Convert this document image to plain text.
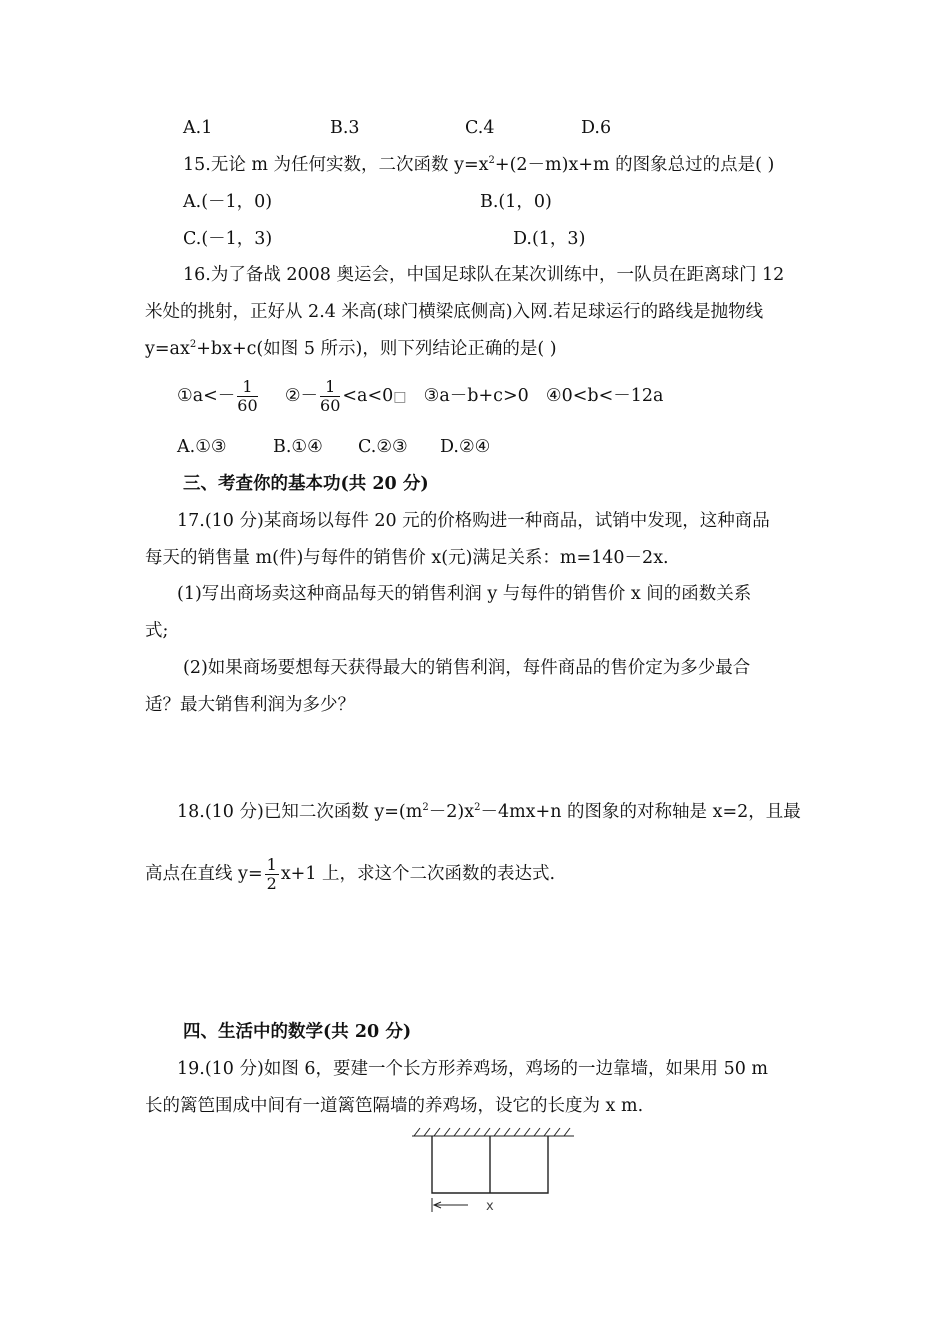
A.1	B.3	C.4	D.6
15.无论 m 为任何实数，二次函数 $y=x^2+(2-m)x+m$ 的图象总过的点是( )
A.(－1，0)	B.(1，0)
C.(－1，3)	D.(1，3)
16.为了备战 2008 奥运会，中国足球队在某次训练中，一队员在距离球门 12
米处的挑射，正好从 2.4 米高(球门横梁底侧高)入网.若足球运行的路线是抛物线
$y=ax^2+bx+c$(如图 5 所示)，则下列结论正确的是( )
①a<－ $\frac{1}{60}$ ②－ $\frac{1}{60}$ <a<0□ ③a－b+c>0 ④0<b<－12a
A.①③	B.①④ C.②③ D.②④
三、考查你的基本功(共 20 分)
17.(10 分)某商场以每件 20 元的价格购进一种商品，试销中发现，这种商品
每天的销售量 m(件)与每件的销售价 x(元)满足关系：m=140－2x.
(1)写出商场卖这种商品每天的销售利润 y 与每件的销售价 x 间的函数关系
式;
(2)如果商场要想每天获得最大的销售利润，每件商品的售价定为多少最合
适？最大销售利润为多少？
18.(10 分)已知二次函数 $y=(m^2-2)x^2-4mx+n$ 的图象的对称轴是 x=2，且最
高点在直线 $y= \frac{1}{2} x+1$ 上，求这个二次函数的表达式.
四、生活中的数学(共 20 分)
19.(10 分)如图 6，要建一个长方形养鸡场，鸡场的一边靠墙，如果用 50 m
长的篱笆围成中间有一道篱笆隔墙的养鸡场，设它的长度为 x m.
x
